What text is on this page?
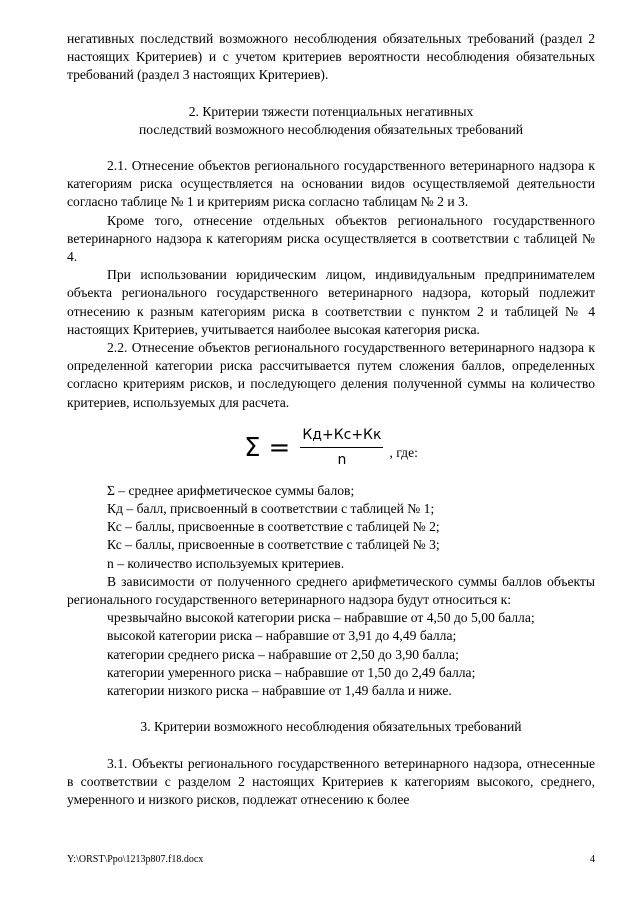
негативных последствий возможного несоблюдения обязательных требований (раздел 2 настоящих Критериев) и с учетом критериев вероятности несоблюдения обязательных требований (раздел 3 настоящих Критериев).

2. Критерии тяжести потенциальных негативных
последствий возможного несоблюдения обязательных требований

2.1. Отнесение объектов регионального государственного ветеринарного надзора к категориям риска осуществляется на основании видов осуществляемой деятельности согласно таблице № 1 и критериям риска согласно таблицам № 2 и 3.

Кроме того, отнесение отдельных объектов регионального государственного ветеринарного надзора к категориям риска осуществляется в соответствии с таблицей № 4.

При использовании юридическим лицом, индивидуальным предпринимателем объекта регионального государственного ветеринарного надзора, который подлежит отнесению к разным категориям риска в соответствии с пунктом 2 и таблицей № 4 настоящих Критериев, учитывается наиболее высокая категория риска.

2.2. Отнесение объектов регионального государственного ветеринарного надзора к определенной категории риска рассчитывается путем сложения баллов, определенных согласно критериям рисков, и последующего деления полученной суммы на количество критериев, используемых для расчета.

$\Sigma = \frac{Кд+Кс+Кк}{n}$ , где:

Σ – среднее арифметическое суммы балов;

Кд – балл, присвоенный в соответствии с таблицей № 1;

Кс – баллы, присвоенные в соответствие с таблицей № 2;

Кс – баллы, присвоенные в соответствие с таблицей № 3;

n – количество используемых критериев.

В зависимости от полученного среднего арифметического суммы баллов объекты регионального государственного ветеринарного надзора будут относиться к:

чрезвычайно высокой категории риска – набравшие от 4,50 до 5,00 балла;

высокой категории риска – набравшие от 3,91 до 4,49 балла;

категории среднего риска – набравшие от 2,50 до 3,90 балла;

категории умеренного риска – набравшие от 1,50 до 2,49 балла;

категории низкого риска – набравшие от 1,49 балла и ниже.

3. Критерии возможного несоблюдения обязательных требований

3.1. Объекты регионального государственного ветеринарного надзора, отнесенные в соответствии с разделом 2 настоящих Критериев к категориям высокого, среднего, умеренного и низкого рисков, подлежат отнесению к более

Y:\ORST\Ppo\1213p807.f18.docx	4
